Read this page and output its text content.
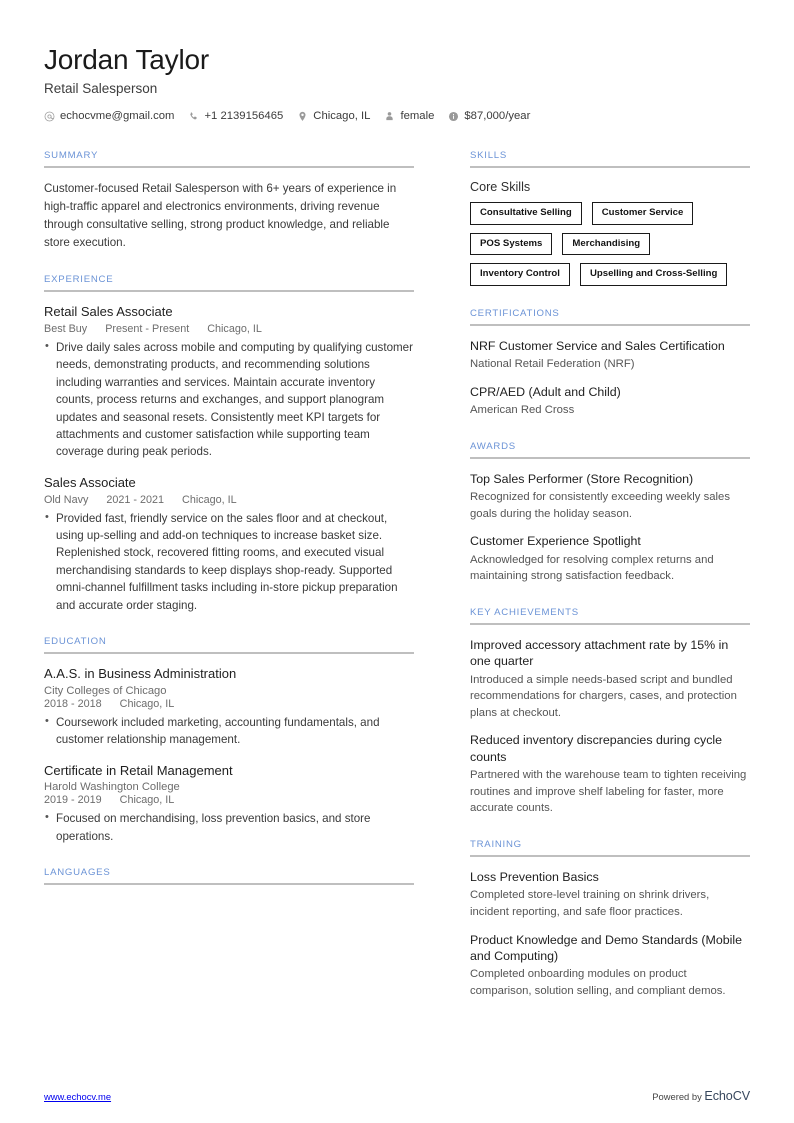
Jordan Taylor
Retail Salesperson
echocvme@gmail.com	+1 2139156465	Chicago, IL	female	$87,000/year
SUMMARY

Customer-focused Retail Salesperson with 6+ years of experience in high-traffic apparel and electronics environments, driving revenue through consultative selling, strong product knowledge, and reliable store execution.

EXPERIENCE
Retail Sales Associate
Best Buy Present - Present Chicago, IL
• Drive daily sales across mobile and computing by qualifying customer needs, demonstrating products, and recommending solutions including warranties and services. Maintain accurate inventory counts, process returns and exchanges, and support planogram updates and seasonal resets. Consistently meet KPI targets for attachments and customer satisfaction while supporting team coverage during peak periods.
Sales Associate
Old Navy 2021 - 2021 Chicago, IL
• Provided fast, friendly service on the sales floor and at checkout, using up-selling and add-on techniques to increase basket size. Replenished stock, recovered fitting rooms, and executed visual merchandising standards to keep displays shop-ready. Supported omni-channel fulfillment tasks including in-store pickup preparation and accurate order staging.
EDUCATION
A.A.S. in Business Administration
City Colleges of Chicago
2018 - 2018 Chicago, IL
• Coursework included marketing, accounting fundamentals, and customer relationship management.
Certificate in Retail Management
Harold Washington College
2019 - 2019 Chicago, IL
• Focused on merchandising, loss prevention basics, and store operations.
LANGUAGES
SKILLS
Core Skills
Consultative Selling	Customer Service
POS Systems	Merchandising
Inventory Control	Upselling and Cross-Selling
CERTIFICATIONS
NRF Customer Service and Sales Certification
National Retail Federation (NRF)
CPR/AED (Adult and Child)
American Red Cross
AWARDS
Top Sales Performer (Store Recognition)
Recognized for consistently exceeding weekly sales goals during the holiday season.
Customer Experience Spotlight
Acknowledged for resolving complex returns and maintaining strong satisfaction feedback.
KEY ACHIEVEMENTS
Improved accessory attachment rate by 15% in one quarter
Introduced a simple needs-based script and bundled recommendations for chargers, cases, and protection plans at checkout.
Reduced inventory discrepancies during cycle counts
Partnered with the warehouse team to tighten receiving routines and improve shelf labeling for faster, more accurate counts.
TRAINING
Loss Prevention Basics
Completed store-level training on shrink drivers, incident reporting, and safe floor practices.
Product Knowledge and Demo Standards (Mobile and Computing)
Completed onboarding modules on product comparison, solution selling, and compliant demos.
www.echocv.me	Powered by EchoCV
